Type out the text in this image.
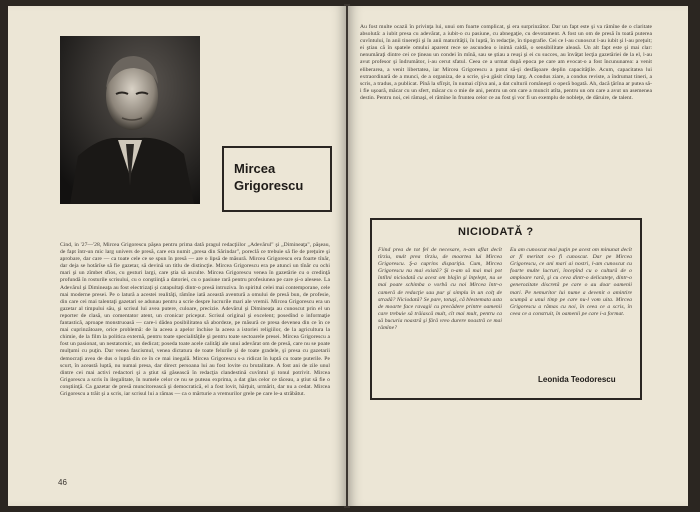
Mircea
Grigorescu
Cind, in '27—'28, Mircea Grigorescu păşea pentru prima dată pragul redacţiilor „Adevărul" şi „Dimineaţa", păşeau, de fapt într-un mic larg univers de presă, care era numit „presa din Sărindar", poreclă ce trebuie să fie de preţuire şi aprobare, dar care — ca toate cele ce se spun în presă — are o lipsă de măsură. Mircea Grigorescu era foarte tînăr, dar deja se hotărîse să fie gazetar, să devină un titlu de distincţie. Mircea Grigorescu era pe atunci un tînăr cu ochi mari şi un zîmbet sfios, cu gesturi largi, care ştia să asculte. Mircea Grigorescu venea în gazetărie cu o credinţă profundă în rosturile scrisului, cu o conştiinţă a datoriei, cu o pasiune rară pentru profesiunea pe care şi-o alesese. La Adevărul şi Dimineaţa au fost electrizaţi şi catapultaţi dintr-o presă intruziva. In spiritul celei mai contemporane, cele mai moderne presei. Pe o latură a acestei realităţi, rămîne iată această aventură a omului de presă bun, de profesie, din care cei mai talentaţi gazetari se adunau pentru a scrie despre lucrurile mari ale vremii. Mircea Grigorescu era un gazetar al timpului său, şi scrisul lui avea putere, culoare, precizie. Adevărul şi Dimineaţa au cunoscut prin el un reporter de clasă, un comentator atent, un cronicar priceput. Scrisul original şi excelent; posedînd o informaţie fantastică, aproape monstruoasă — care-i dădea posibilitatea să abordeze, pe măsură ce presa devenea din ce în ce mai cuprinzătoare, orice problemă: de la aceea a apelor închise la aceea a istoriei religiilor, de la agricultura la chimie, de la film la politica externă, pentru toate specialităţile şi pentru toate sectoarele presei. Mircea Grigorescu a fost un pasionat, un nestatornic, un dedicat; poseda toate acele calităţi ale unui adevărat om de presă, care nu se poate mulţumi cu puţin. Dar venea fascismul, venea dictatura de toate felurile şi de toate gradele, şi presa cu gazetarii democraţi avea de dus o luptă din ce în ce mai inegală. Mircea Grigorescu s-a ridicat în luptă cu toate puterile. Pe scurt, în această luptă, nu numai presa, dar direct persoana lui au fost lovite cu brutalitate. A fost ani de zile unul dintre cei mai activi redactori şi a ştiut să găsească în redacţia clandestină cuvîntul şi tonul potrivit. Mircea Grigorescu a scris în ilegalitate, în numele celor ce nu se puteau exprima, a dat glas celor ce tăceau, a ştiut să fie o conştiinţă. Ca gazetar de presă muncitorească şi democratică, el a fost lovit, hărţuit, urmărit, dar nu a cedat. Mircea Grigorescu a trăit şi a scris, iar scrisul lui a rămas — ca o mărturie a vremurilor grele pe care le-a străbătut.
46
Au fost multe ocazii în privinţa lui, unui om foarte complicat, şi era surprinzător. Dar un fapt este şi va rămîne de o claritate absolută: a iubit presa cu adevărat, a iubit-o cu pasiune, cu abnegaţie, cu devotament. A fost un om de presă în toată puterea cuvîntului, în anii tinereţii şi în anii maturităţii, în luptă, în redacţie, în tipografie. Cei ce l-au cunoscut l-au iubit şi l-au preţuit; ei ştiau că în spatele omului aparent rece se ascundea o inimă caldă, o sensibilitate aleasă. Un alt fapt este şi mai clar: nenumăraţi dintre cei ce ţineau un condei în mînă, sau se ştiau a reuşi şi ei cu succes, au învăţat lecţia gazetăriei de la el, l-au avut profesor şi îndrumător, i-au cerut sfatul. Ceea ce a urmat după epoca pe care am evocat-o a fost încununarea: a venit eliberarea, a venit libertatea, iar Mircea Grigorescu a putut să-şi desfăşoare deplin capacităţile. Acum, capacitatea lui extraordinară de a munci, de a organiza, de a scrie, şi-a găsit cîmp larg. A condus ziare, a condus reviste, a îndrumat tineri, a scris, a tradus, a publicat. Pînă la sfîrşit, în numai cîţiva ani, a dat culturii româneşti o operă bogată. Ah, dacă ţărîna ar putea să-i fie uşoară, măcar cu un sfert, măcar cu o mie de ani, pentru un om care a muncit atîta, pentru un om care a avut un asemenea destin. Pentru noi, cei rămaşi, el rămîne în fruntea celor ce au fost şi vor fi un exemplu de nobleţe, de dăruire, de talent.
NICIODATĂ ?
Fiind prea de tot fel de necesare, n-am aflat decît tîrziu, mult prea tîrziu, de moartea lui Mircea Grigorescu. Ş-a cuprins dispariţia. Cum, Mircea Grigorescu nu mai există? Şi n-am să mai mai pot întîlni niciodată cu acest om blajin şi înţelept, nu se mai poate schimba o vorbă cu noi Mircea într-o cameră de redacţie sau pur şi simplu în un colţ de stradă? Niciodată? Se pare, totuşi, că blestemata asta de moarte face ravagii cu precădere printre oamenii care trebuie să trăiască mult, cît mai mult, pentru ca să bucuria noastră şi fără vreo durere noastră ce mai rămîne?
Eu am cunoscut mai puţin pe acest om minunat decît ar fi meritat s-o fi cunoscut. Dar pe Mircea Grigorescu, ce ani mari ai nostri, l-am cunoscut cu foarte multe lucruri, începînd cu o cultură de o amploare rară, şi cu ceva dintr-o delicateţe, dintr-o generozitate discretă pe care o au doar oamenii mari. Pe nemuritor lui nume a devenit o amintire scumpă a unui timp pe care nu-l vom uita. Mircea Grigorescu a rămas cu noi, în ceea ce a scris, în ceea ce a construit, în oamenii pe care i-a format.
Leonida Teodorescu
